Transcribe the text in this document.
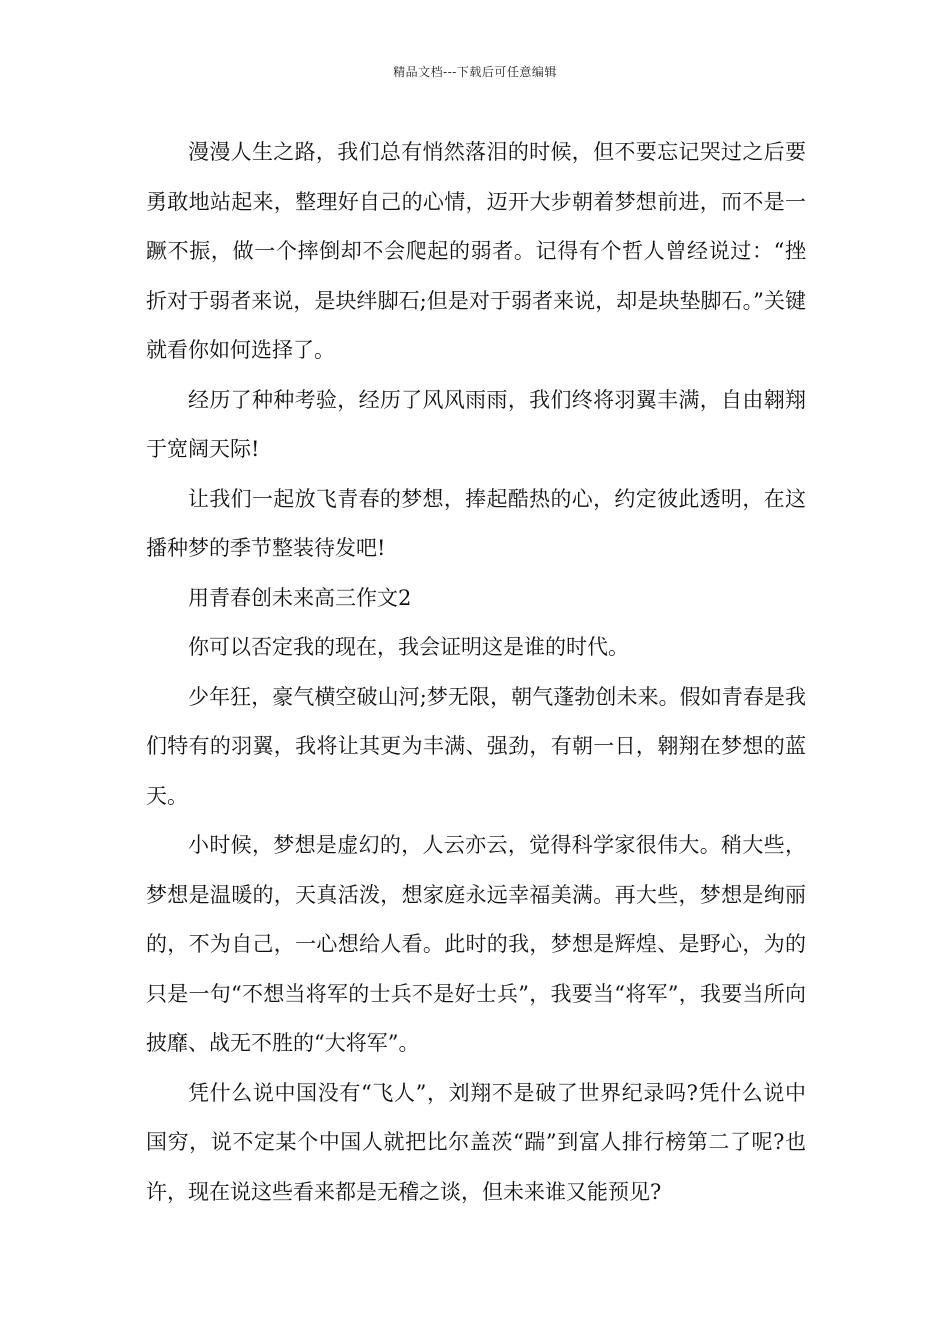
精品文档---下载后可任意编辑

漫漫人生之路，我们总有悄然落泪的时候，但不要忘记哭过之后要勇敢地站起来，整理好自己的心情，迈开大步朝着梦想前进，而不是一蹶不振，做一个摔倒却不会爬起的弱者。记得有个哲人曾经说过：“挫折对于弱者来说，是块绊脚石;但是对于弱者来说，却是块垫脚石。”关键就看你如何选择了。

经历了种种考验，经历了风风雨雨，我们终将羽翼丰满，自由翱翔于宽阔天际!

让我们一起放飞青春的梦想，捧起酷热的心，约定彼此透明，在这播种梦的季节整装待发吧!

用青春创未来高三作文2

你可以否定我的现在，我会证明这是谁的时代。

少年狂，豪气横空破山河;梦无限，朝气蓬勃创未来。假如青春是我们特有的羽翼，我将让其更为丰满、强劲，有朝一日，翱翔在梦想的蓝天。

小时候，梦想是虚幻的，人云亦云，觉得科学家很伟大。稍大些，梦想是温暖的，天真活泼，想家庭永远幸福美满。再大些，梦想是绚丽的，不为自己，一心想给人看。此时的我，梦想是辉煌、是野心，为的只是一句“不想当将军的士兵不是好士兵”，我要当“将军”，我要当所向披靡、战无不胜的“大将军”。

凭什么说中国没有“飞人”，刘翔不是破了世界纪录吗?凭什么说中国穷，说不定某个中国人就把比尔盖茨“踹”到富人排行榜第二了呢?也许，现在说这些看来都是无稽之谈，但未来谁又能预见?
